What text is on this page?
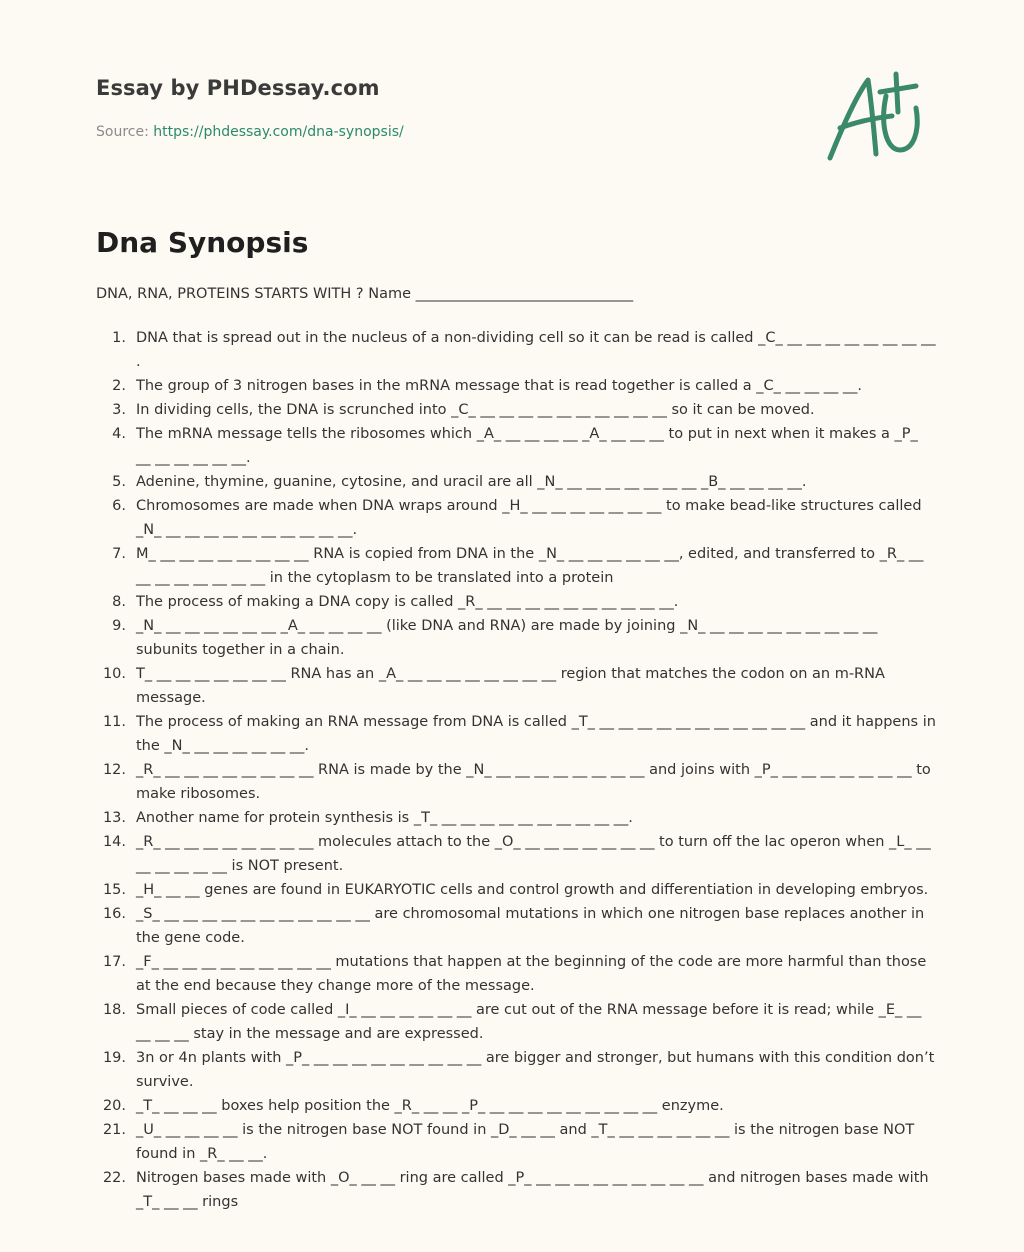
Essay by PHDessay.com
Source: https://phdessay.com/dna-synopsis/
Dna Synopsis
DNA, RNA, PROTEINS STARTS WITH ? Name ______________________________
1. DNA that is spread out in the nucleus of a non-dividing cell so it can be read is called _C_ __ __ __ __ __ __ __ __ .
2. The group of 3 nitrogen bases in the mRNA message that is read together is called a _C_ __ __ __ __.
3. In dividing cells, the DNA is scrunched into _C_ __ __ __ __ __ __ __ __ __ __ so it can be moved.
4. The mRNA message tells the ribosomes which _A_ __ __ __ __ _A_ __ __ __ to put in next when it makes a _P_ __ __ __ __ __ __.
5. Adenine, thymine, guanine, cytosine, and uracil are all _N_ __ __ __ __ __ __ __ _B_ __ __ __ __.
6. Chromosomes are made when DNA wraps around _H_ __ __ __ __ __ __ __ to make bead-like structures called _N_ __ __ __ __ __ __ __ __ __ __.
7. M_ __ __ __ __ __ __ __ __ RNA is copied from DNA in the _N_ __ __ __ __ __ __, edited, and transferred to _R_ __ __ __ __ __ __ __ __ in the cytoplasm to be translated into a protein
8. The process of making a DNA copy is called _R_ __ __ __ __ __ __ __ __ __ __.
9. _N_ __ __ __ __ __ __ _A_ __ __ __ __ (like DNA and RNA) are made by joining _N_ __ __ __ __ __ __ __ __ __ subunits together in a chain.
10. T_ __ __ __ __ __ __ __ RNA has an _A_ __ __ __ __ __ __ __ __ region that matches the codon on an m-RNA message.
11. The process of making an RNA message from DNA is called _T_ __ __ __ __ __ __ __ __ __ __ __ and it happens in the _N_ __ __ __ __ __ __.
12. _R_ __ __ __ __ __ __ __ __ RNA is made by the _N_ __ __ __ __ __ __ __ __ and joins with _P_ __ __ __ __ __ __ __ to make ribosomes.
13. Another name for protein synthesis is _T_ __ __ __ __ __ __ __ __ __ __.
14. _R_ __ __ __ __ __ __ __ __ molecules attach to the _O_ __ __ __ __ __ __ __ to turn off the lac operon when _L_ __ __ __ __ __ __ is NOT present.
15. _H_ __ __ genes are found in EUKARYOTIC cells and control growth and differentiation in developing embryos.
16. _S_ __ __ __ __ __ __ __ __ __ __ __ are chromosomal mutations in which one nitrogen base replaces another in the gene code.
17. _F_ __ __ __ __ __ __ __ __ __ mutations that happen at the beginning of the code are more harmful than those at the end because they change more of the message.
18. Small pieces of code called _I_ __ __ __ __ __ __ are cut out of the RNA message before it is read; while _E_ __ __ __ __ stay in the message and are expressed.
19. 3n or 4n plants with _P_ __ __ __ __ __ __ __ __ __ are bigger and stronger, but humans with this condition don’t survive.
20. _T_ __ __ __ boxes help position the _R_ __ __ _P_ __ __ __ __ __ __ __ __ __ enzyme.
21. _U_ __ __ __ __ is the nitrogen base NOT found in _D_ __ __ and _T_ __ __ __ __ __ __ is the nitrogen base NOT found in _R_ __ __.
22. Nitrogen bases made with _O_ __ __ ring are called _P_ __ __ __ __ __ __ __ __ __ and nitrogen bases made with _T_ __ __ rings
